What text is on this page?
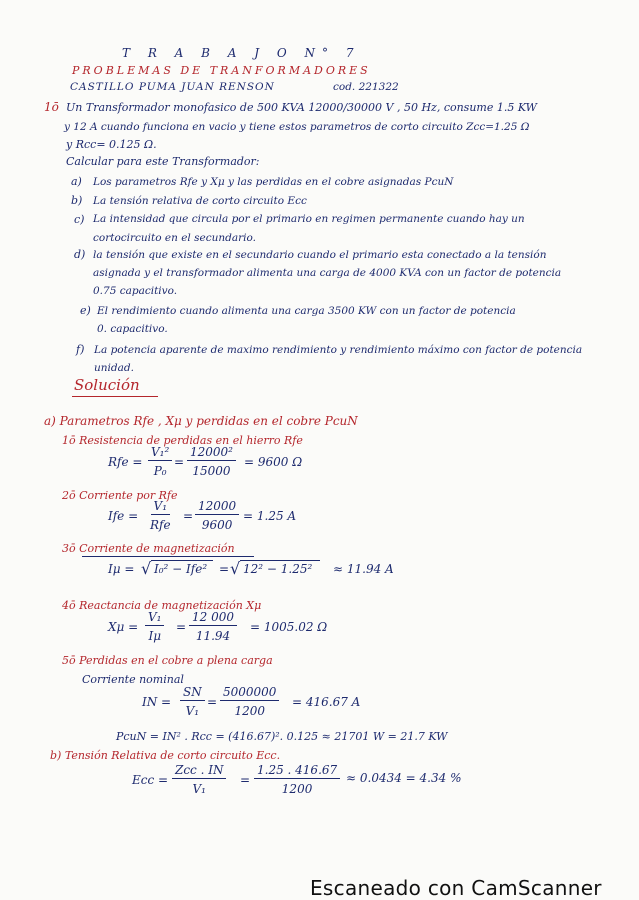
T R A B A J O N° 7
PROBLEMAS DE TRANFORMADORES
CASTILLO PUMA JUAN RENSON	cod. 221322
1ō Un Transformador monofasico de 500 KVA 12000/30000 V , 50 Hz, consume 1.5 KW
y 12 A cuando funciona en vacio y tiene estos parametros de corto circuito Zcc=1.25 Ω
y Rcc= 0.125 Ω.
Calcular para este Transformador:
a) Los parametros Rfe y Xμ y las perdidas en el cobre asignadas PcuN
b) La tensión relativa de corto circuito Ecc
c) La intensidad que circula por el primario en regimen permanente cuando hay un
cortocircuito en el secundario.
d) la tensión que existe en el secundario cuando el primario esta conectado a la tensión
asignada y el transformador alimenta una carga de 4000 KVA con un factor de potencia
0.75 capacitivo.
e) El rendimiento cuando alimenta una carga 3500 KW con un factor de potencia
0. capacitivo.
f) La potencia aparente de maximo rendimiento y rendimiento máximo con factor de potencia
unidad.
Solución
a) Parametros Rfe , Xμ y perdidas en el cobre PcuN
1ō Resistencia de perdidas en el hierro Rfe
Rfe = $\frac{\text{V₁²}}{\text{P₀}} = \frac{\text{12000²}}{15000} = 9600$ Ω
2ō Corriente por Rfe
Ife =
V₁
Rfe
= $\frac{12000}{9600} = 1.25$ A
3ō Corriente de magnetización
Iμ = √ I₀² − Ife² = √ 12² − 1.25² ≈ 11.94 A
4ō Reactancia de magnetización Xμ
$X\mu = \frac{\text{V₁}}{I\mu} = \frac{12 000}{11.94} = 1005.02$ Ω
5ō Perdidas en el cobre a plena carga
Corriente nominal
IN = $\frac{SN}{\text{V₁}} = \frac{5000000}{1200} = 416.67$ A
PcuN = IN² . Rcc = (416.67)². 0.125 ≈ 21701 W = 21.7 KW
b) Tensión Relativa de corto circuito Ecc.
Ecc =
Zcc . IN
V₁
= $\frac{1.25 . 416.67}{1200} \approx 0.0434 = 4.34$ %
Escaneado con CamScanner
